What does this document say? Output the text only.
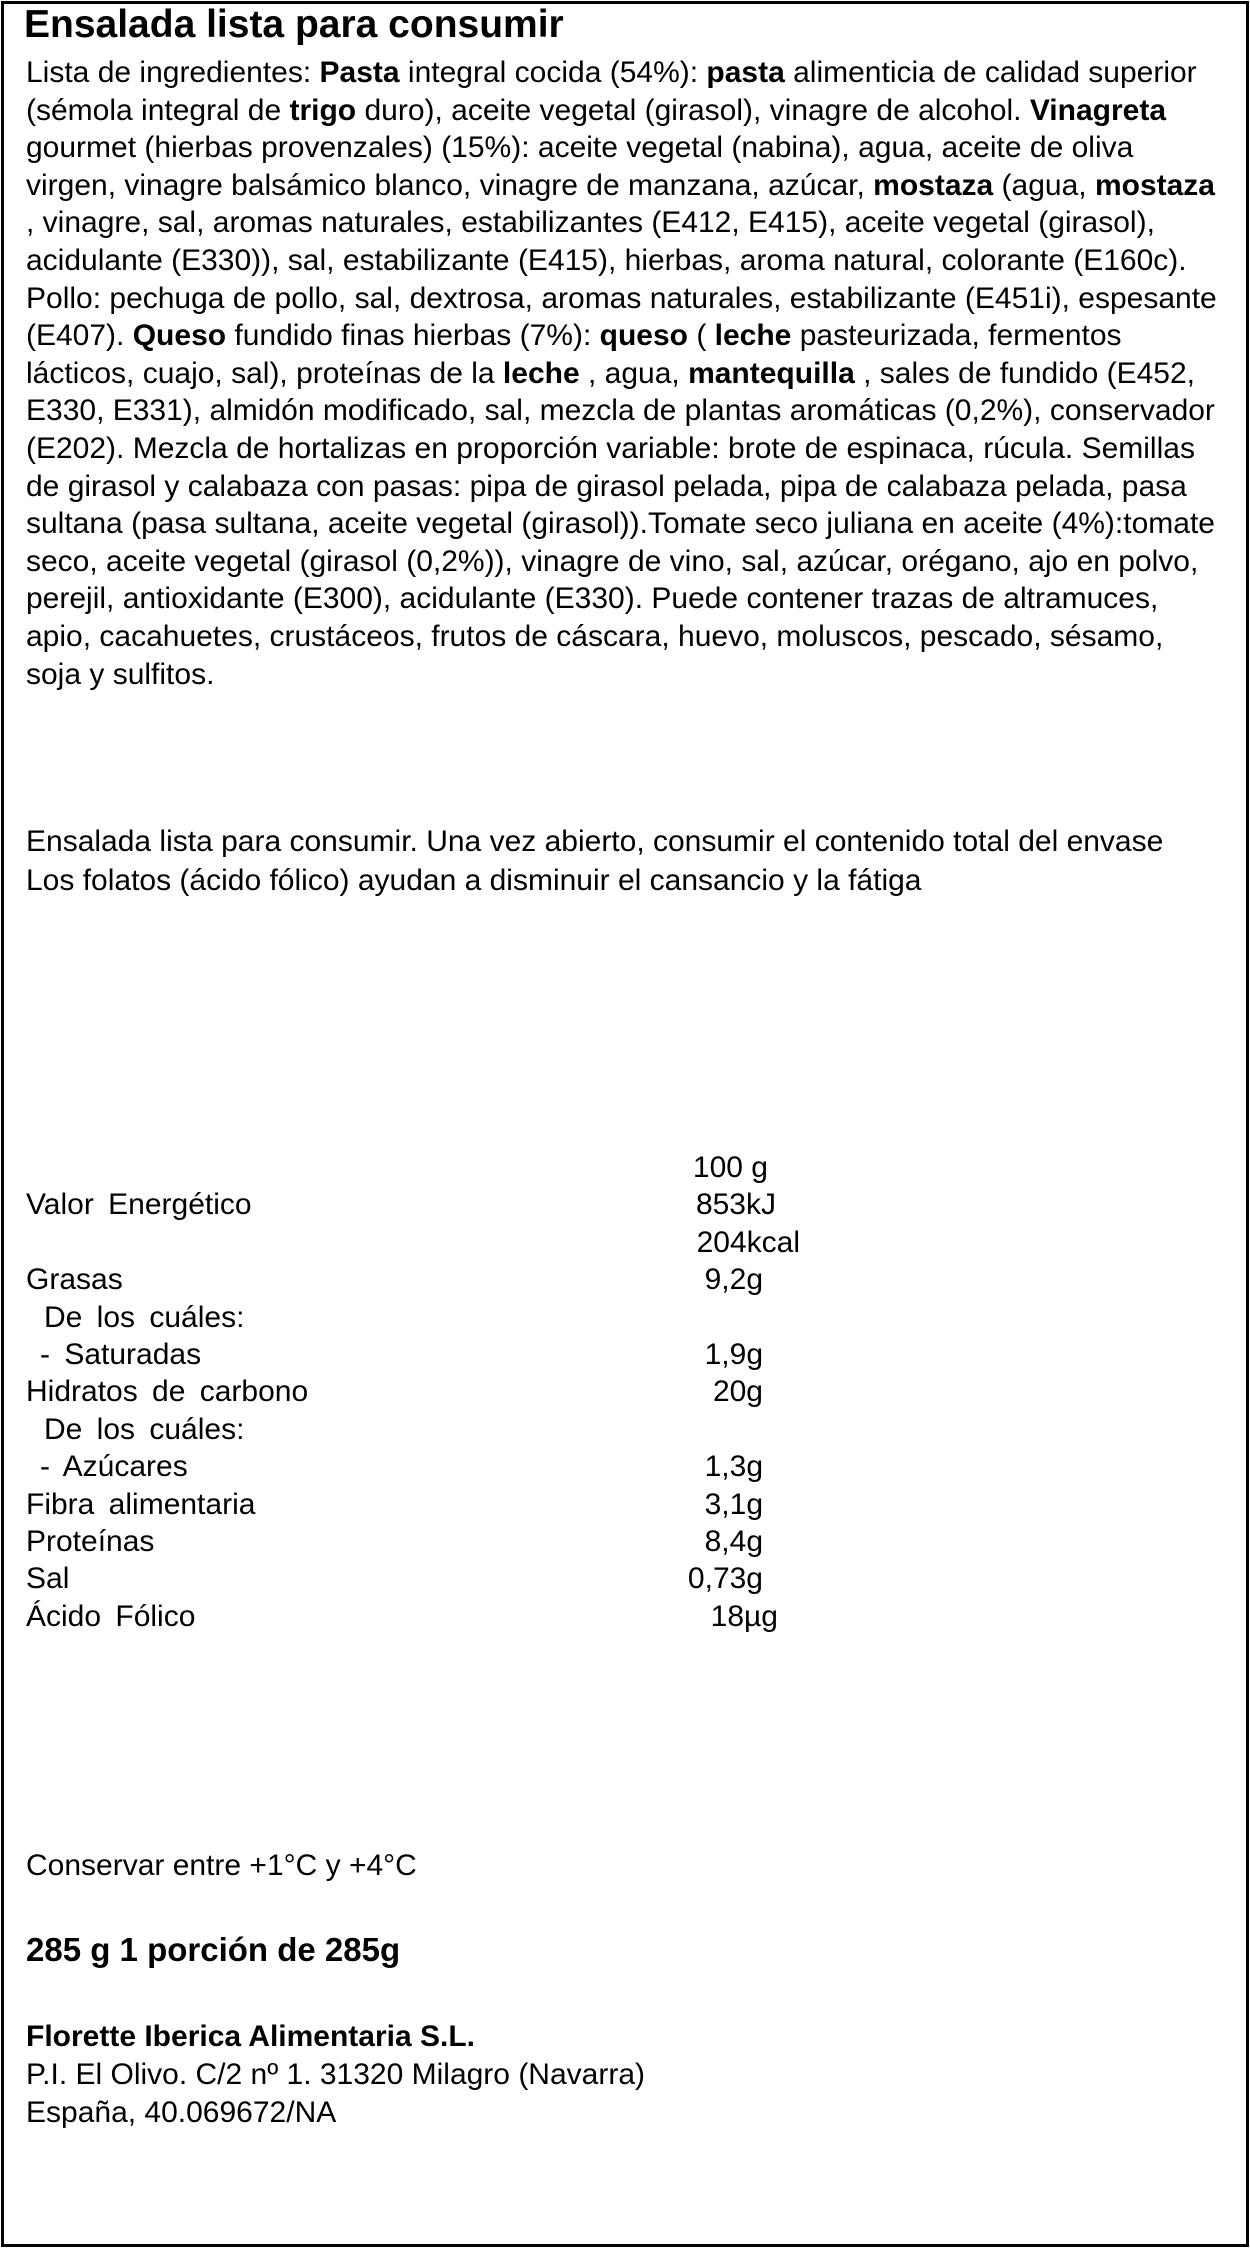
Ensalada lista para consumir
Lista de ingredientes: Pasta integral cocida (54%): pasta alimenticia de calidad superior (sémola integral de trigo duro), aceite vegetal (girasol), vinagre de alcohol. Vinagreta gourmet (hierbas provenzales) (15%): aceite vegetal (nabina), agua, aceite de oliva virgen, vinagre balsámico blanco, vinagre de manzana, azúcar, mostaza (agua, mostaza , vinagre, sal, aromas naturales, estabilizantes (E412, E415), aceite vegetal (girasol), acidulante (E330)), sal, estabilizante (E415), hierbas, aroma natural, colorante (E160c). Pollo: pechuga de pollo, sal, dextrosa, aromas naturales, estabilizante (E451i), espesante (E407). Queso fundido finas hierbas (7%): queso ( leche pasteurizada, fermentos lácticos, cuajo, sal), proteínas de la leche , agua, mantequilla , sales de fundido (E452, E330, E331), almidón modificado, sal, mezcla de plantas aromáticas (0,2%), conservador (E202). Mezcla de hortalizas en proporción variable: brote de espinaca, rúcula. Semillas de girasol y calabaza con pasas: pipa de girasol pelada, pipa de calabaza pelada, pasa sultana (pasa sultana, aceite vegetal (girasol)).Tomate seco juliana en aceite (4%):tomate seco, aceite vegetal (girasol (0,2%)), vinagre de vino, sal, azúcar, orégano, ajo en polvo, perejil, antioxidante (E300), acidulante (E330). Puede contener trazas de altramuces, apio, cacahuetes, crustáceos, frutos de cáscara, huevo, moluscos, pescado, sésamo, soja y sulfitos.

Ensalada lista para consumir. Una vez abierto, consumir el contenido total del envase

Los folatos (ácido fólico) ayudan a disminuir el cansancio y la fátiga

100 g
Valor Energético	853kJ
204kcal
Grasas	9,2g
De los cuáles:
- Saturadas	1,9g
Hidratos de carbono	20g
De los cuáles:
- Azúcares	1,3g
Fibra alimentaria	3,1g
Proteínas	8,4g
Sal	0,73g
Ácido Fólico	18µg
Conservar entre +1°C y +4°C
285 g 1 porción de 285g
Florette Iberica Alimentaria S.L.
P.I. El Olivo. C/2 nº 1. 31320 Milagro (Navarra)
España, 40.069672/NA
